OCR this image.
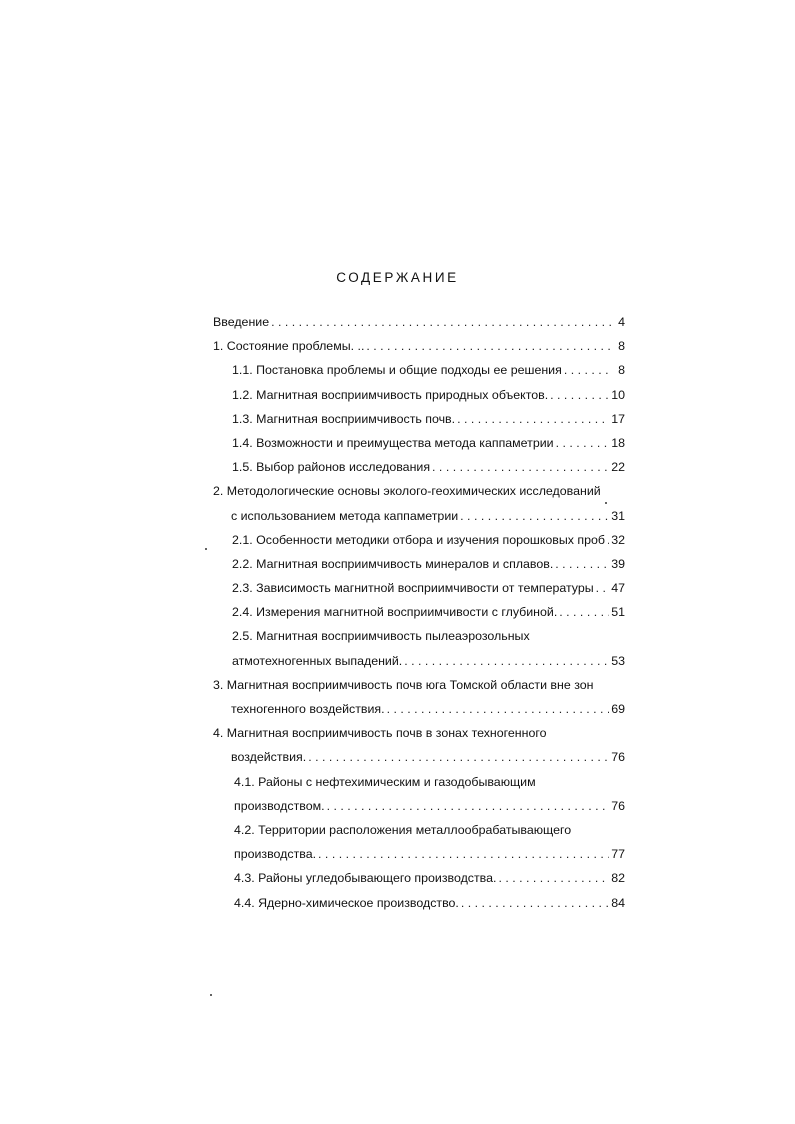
СОДЕРЖАНИЕ
Введение . . .	4
1. Состояние проблемы. .. . . .	8
1.1. Постановка проблемы и общие подходы ее решения . . .	8
1.2. Магнитная восприимчивость природных объектов. . . .	10
1.3. Магнитная восприимчивость почв. . . .	17
1.4. Возможности и преимущества метода каппаметрии . . .	18
1.5. Выбор районов исследования . . .	22
2. Методологические основы эколого-геохимических исследований
с использованием метода каппаметрии . . .	31
2.1. Особенности методики отбора и изучения порошковых проб . . . 32
2.2. Магнитная восприимчивость минералов и сплавов. . . .	39
2.3. Зависимость магнитной восприимчивости от температуры . . . 47
2.4. Измерения магнитной восприимчивости с глубиной. . . .	51
2.5. Магнитная восприимчивость пылеаэрозольных
атмотехногенных выпадений. . . .	53
3. Магнитная восприимчивость почв юга Томской области вне зон
техногенного воздействия. . . .	69
4. Магнитная восприимчивость почв в зонах техногенного
воздействия. . . .	76
4.1. Районы с нефтехимическим и газодобывающим
производством. . . .	76
4.2. Территории расположения металлообрабатывающего
производства. . . .	77
4.3. Районы угледобывающего производства. . . .	82
4.4. Ядерно-химическое производство. . . .	84
